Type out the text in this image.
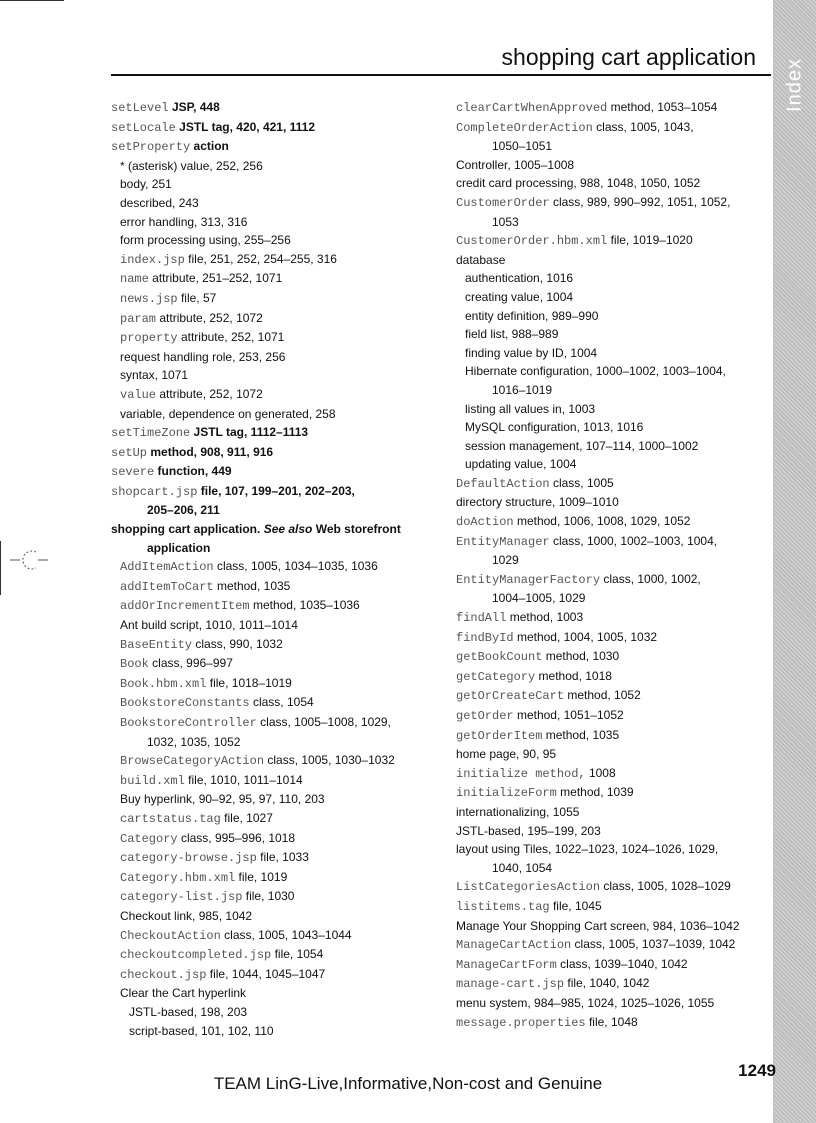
Index
shopping cart application
setLevel JSP, 448
setLocale JSTL tag, 420, 421, 1112
setProperty action
* (asterisk) value, 252, 256
body, 251
described, 243
error handling, 313, 316
form processing using, 255–256
index.jsp file, 251, 252, 254–255, 316
name attribute, 251–252, 1071
news.jsp file, 57
param attribute, 252, 1072
property attribute, 252, 1071
request handling role, 253, 256
syntax, 1071
value attribute, 252, 1072
variable, dependence on generated, 258
setTimeZone JSTL tag, 1112–1113
setUp method, 908, 911, 916
severe function, 449
shopcart.jsp file, 107, 199–201, 202–203,
205–206, 211
shopping cart application. See also Web storefront
application
AddItemAction class, 1005, 1034–1035, 1036
addItemToCart method, 1035
addOrIncrementItem method, 1035–1036
Ant build script, 1010, 1011–1014
BaseEntity class, 990, 1032
Book class, 996–997
Book.hbm.xml file, 1018–1019
BookstoreConstants class, 1054
BookstoreController class, 1005–1008, 1029,
1032, 1035, 1052
BrowseCategoryAction class, 1005, 1030–1032
build.xml file, 1010, 1011–1014
Buy hyperlink, 90–92, 95, 97, 110, 203
cartstatus.tag file, 1027
Category class, 995–996, 1018
category-browse.jsp file, 1033
Category.hbm.xml file, 1019
category-list.jsp file, 1030
Checkout link, 985, 1042
CheckoutAction class, 1005, 1043–1044
checkoutcompleted.jsp file, 1054
checkout.jsp file, 1044, 1045–1047
Clear the Cart hyperlink
JSTL-based, 198, 203
script-based, 101, 102, 110
clearCartWhenApproved method, 1053–1054
CompleteOrderAction class, 1005, 1043,
1050–1051
Controller, 1005–1008
credit card processing, 988, 1048, 1050, 1052
CustomerOrder class, 989, 990–992, 1051, 1052,
1053
CustomerOrder.hbm.xml file, 1019–1020
database
authentication, 1016
creating value, 1004
entity definition, 989–990
field list, 988–989
finding value by ID, 1004
Hibernate configuration, 1000–1002, 1003–1004,
1016–1019
listing all values in, 1003
MySQL configuration, 1013, 1016
session management, 107–114, 1000–1002
updating value, 1004
DefaultAction class, 1005
directory structure, 1009–1010
doAction method, 1006, 1008, 1029, 1052
EntityManager class, 1000, 1002–1003, 1004,
1029
EntityManagerFactory class, 1000, 1002,
1004–1005, 1029
findAll method, 1003
findById method, 1004, 1005, 1032
getBookCount method, 1030
getCategory method, 1018
getOrCreateCart method, 1052
getOrder method, 1051–1052
getOrderItem method, 1035
home page, 90, 95
initialize method, 1008
initializeForm method, 1039
internationalizing, 1055
JSTL-based, 195–199, 203
layout using Tiles, 1022–1023, 1024–1026, 1029,
1040, 1054
ListCategoriesAction class, 1005, 1028–1029
listitems.tag file, 1045
Manage Your Shopping Cart screen, 984, 1036–1042
ManageCartAction class, 1005, 1037–1039, 1042
ManageCartForm class, 1039–1040, 1042
manage-cart.jsp file, 1040, 1042
menu system, 984–985, 1024, 1025–1026, 1055
message.properties file, 1048
1249
TEAM LinG-Live,Informative,Non-cost and Genuine
